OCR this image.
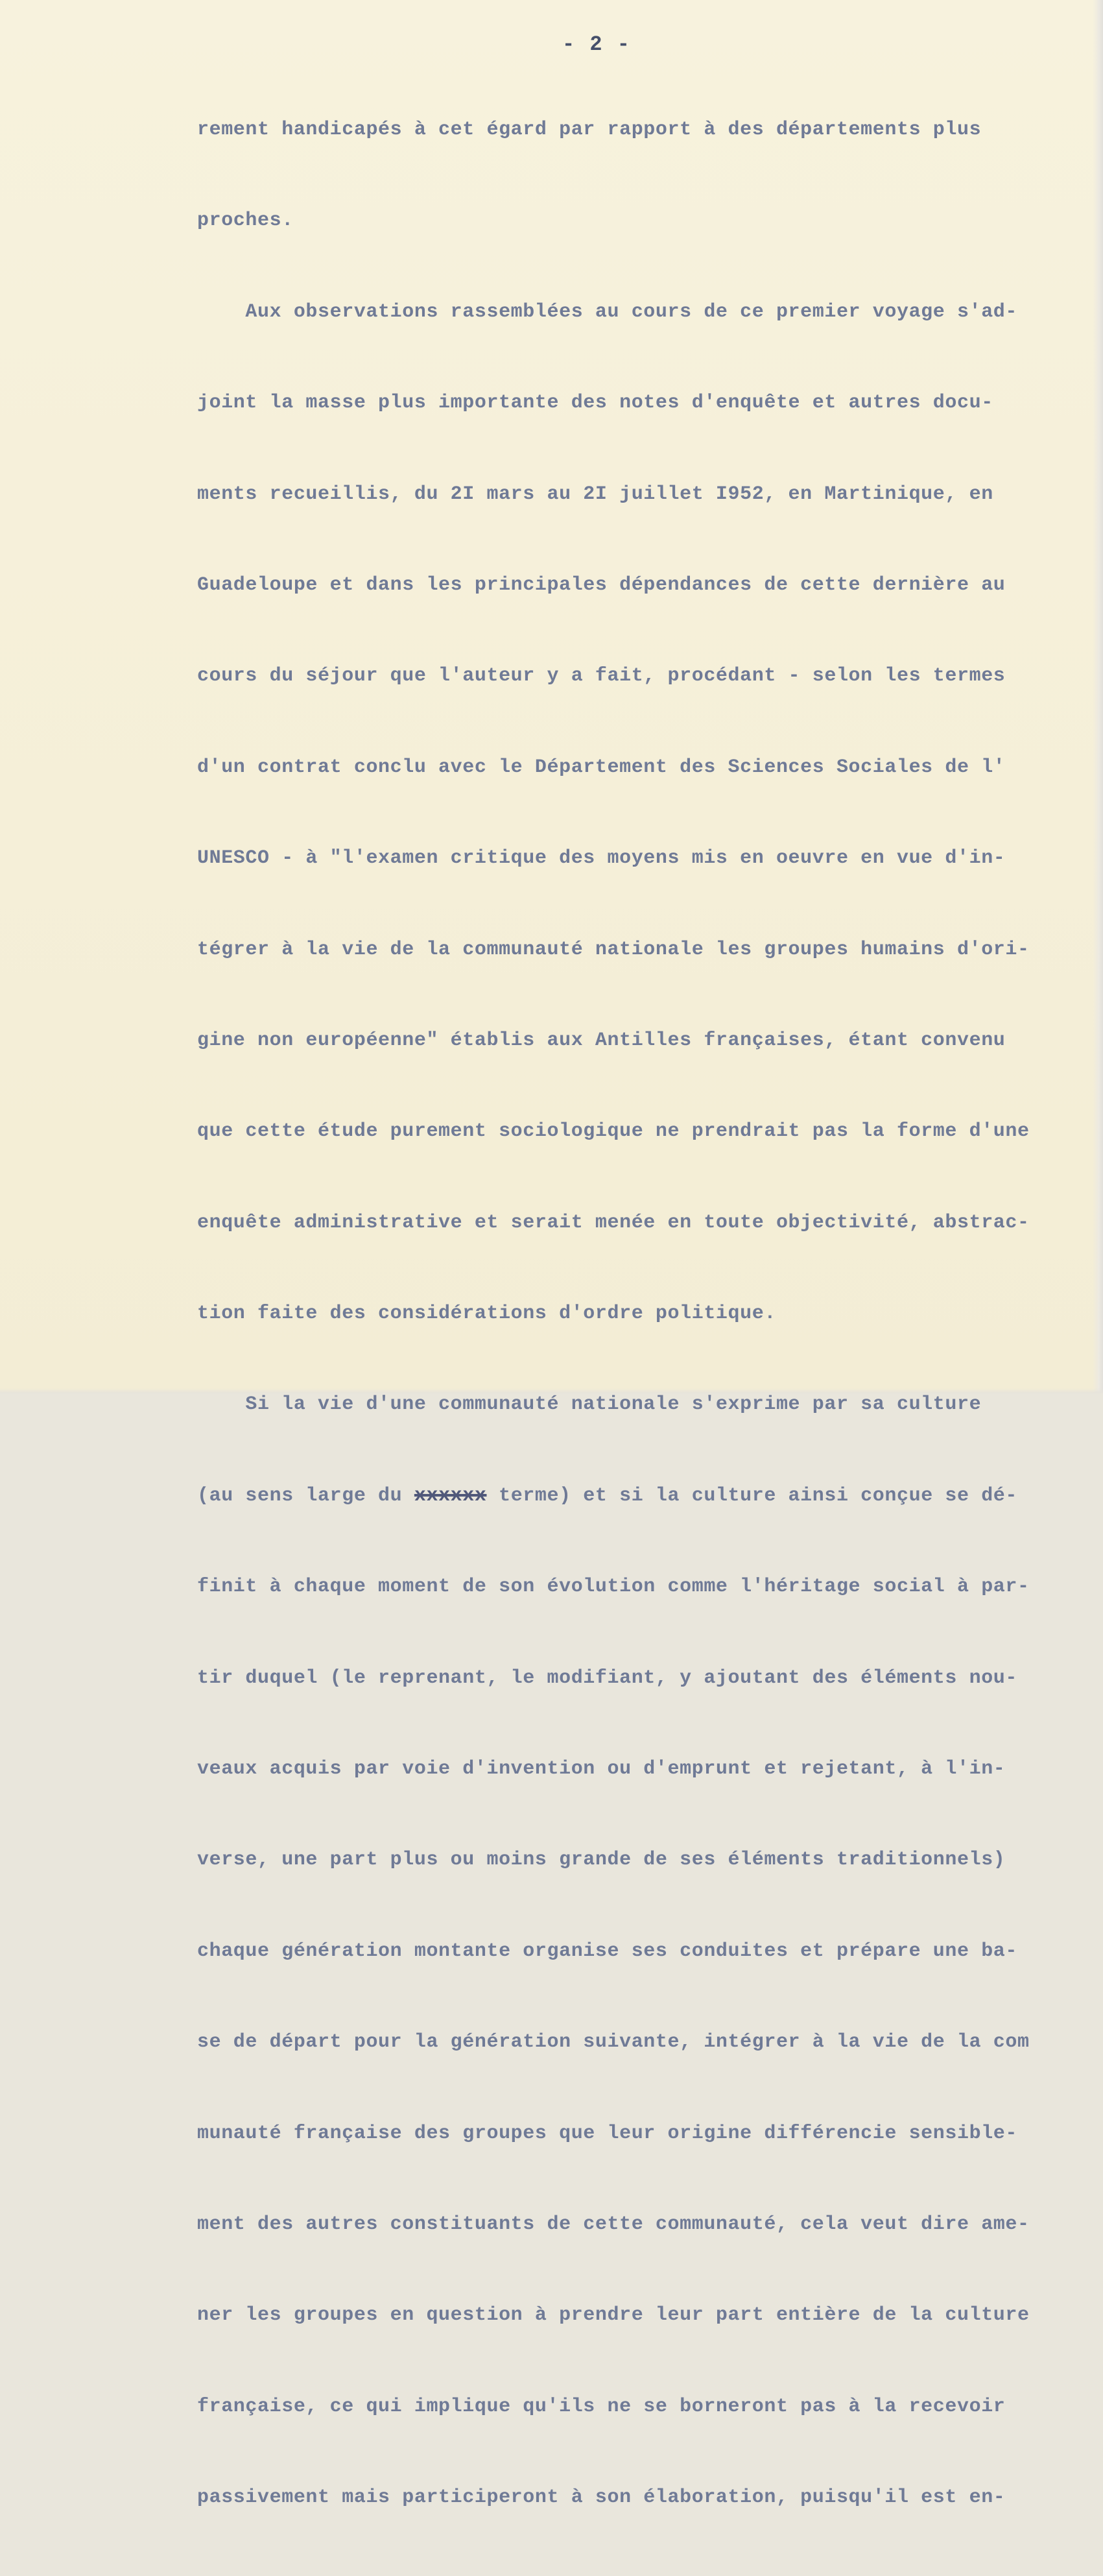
- 2 -

rement handicapés à cet égard par rapport à des départements plus

proches.

Aux observations rassemblées au cours de ce premier voyage s'ad-

joint la masse plus importante des notes d'enquête et autres docu-

ments recueillis, du 2I mars au 2I juillet I952, en Martinique, en

Guadeloupe et dans les principales dépendances de cette dernière au

cours du séjour que l'auteur y a fait, procédant - selon les termes

d'un contrat conclu avec le Département des Sciences Sociales de l'

UNESCO - à "l'examen critique des moyens mis en oeuvre en vue d'in-

tégrer à la vie de la communauté nationale les groupes humains d'ori-

gine non européenne" établis aux Antilles françaises, étant convenu

que cette étude purement sociologique ne prendrait pas la forme d'une

enquête administrative et serait menée en toute objectivité, abstrac-

tion faite des considérations d'ordre politique.

Si la vie d'une communauté nationale s'exprime par sa culture

(au sens large du xxxxxx terme) et si la culture ainsi conçue se dé-

finit à chaque moment de son évolution comme l'héritage social à par-

tir duquel (le reprenant, le modifiant, y ajoutant des éléments nou-

veaux acquis par voie d'invention ou d'emprunt et rejetant, à l'in-

verse, une part plus ou moins grande de ses éléments traditionnels)

chaque génération montante organise ses conduites et prépare une ba-

se de départ pour la génération suivante, intégrer à la vie de la com

munauté française des groupes que leur origine différencie sensible-

ment des autres constituants de cette communauté, cela veut dire ame-

ner les groupes en question à prendre leur part entière de la culture

française, ce qui implique qu'ils ne se borneront pas à la recevoir

passivement mais participeront à son élaboration, puisqu'il est en-
